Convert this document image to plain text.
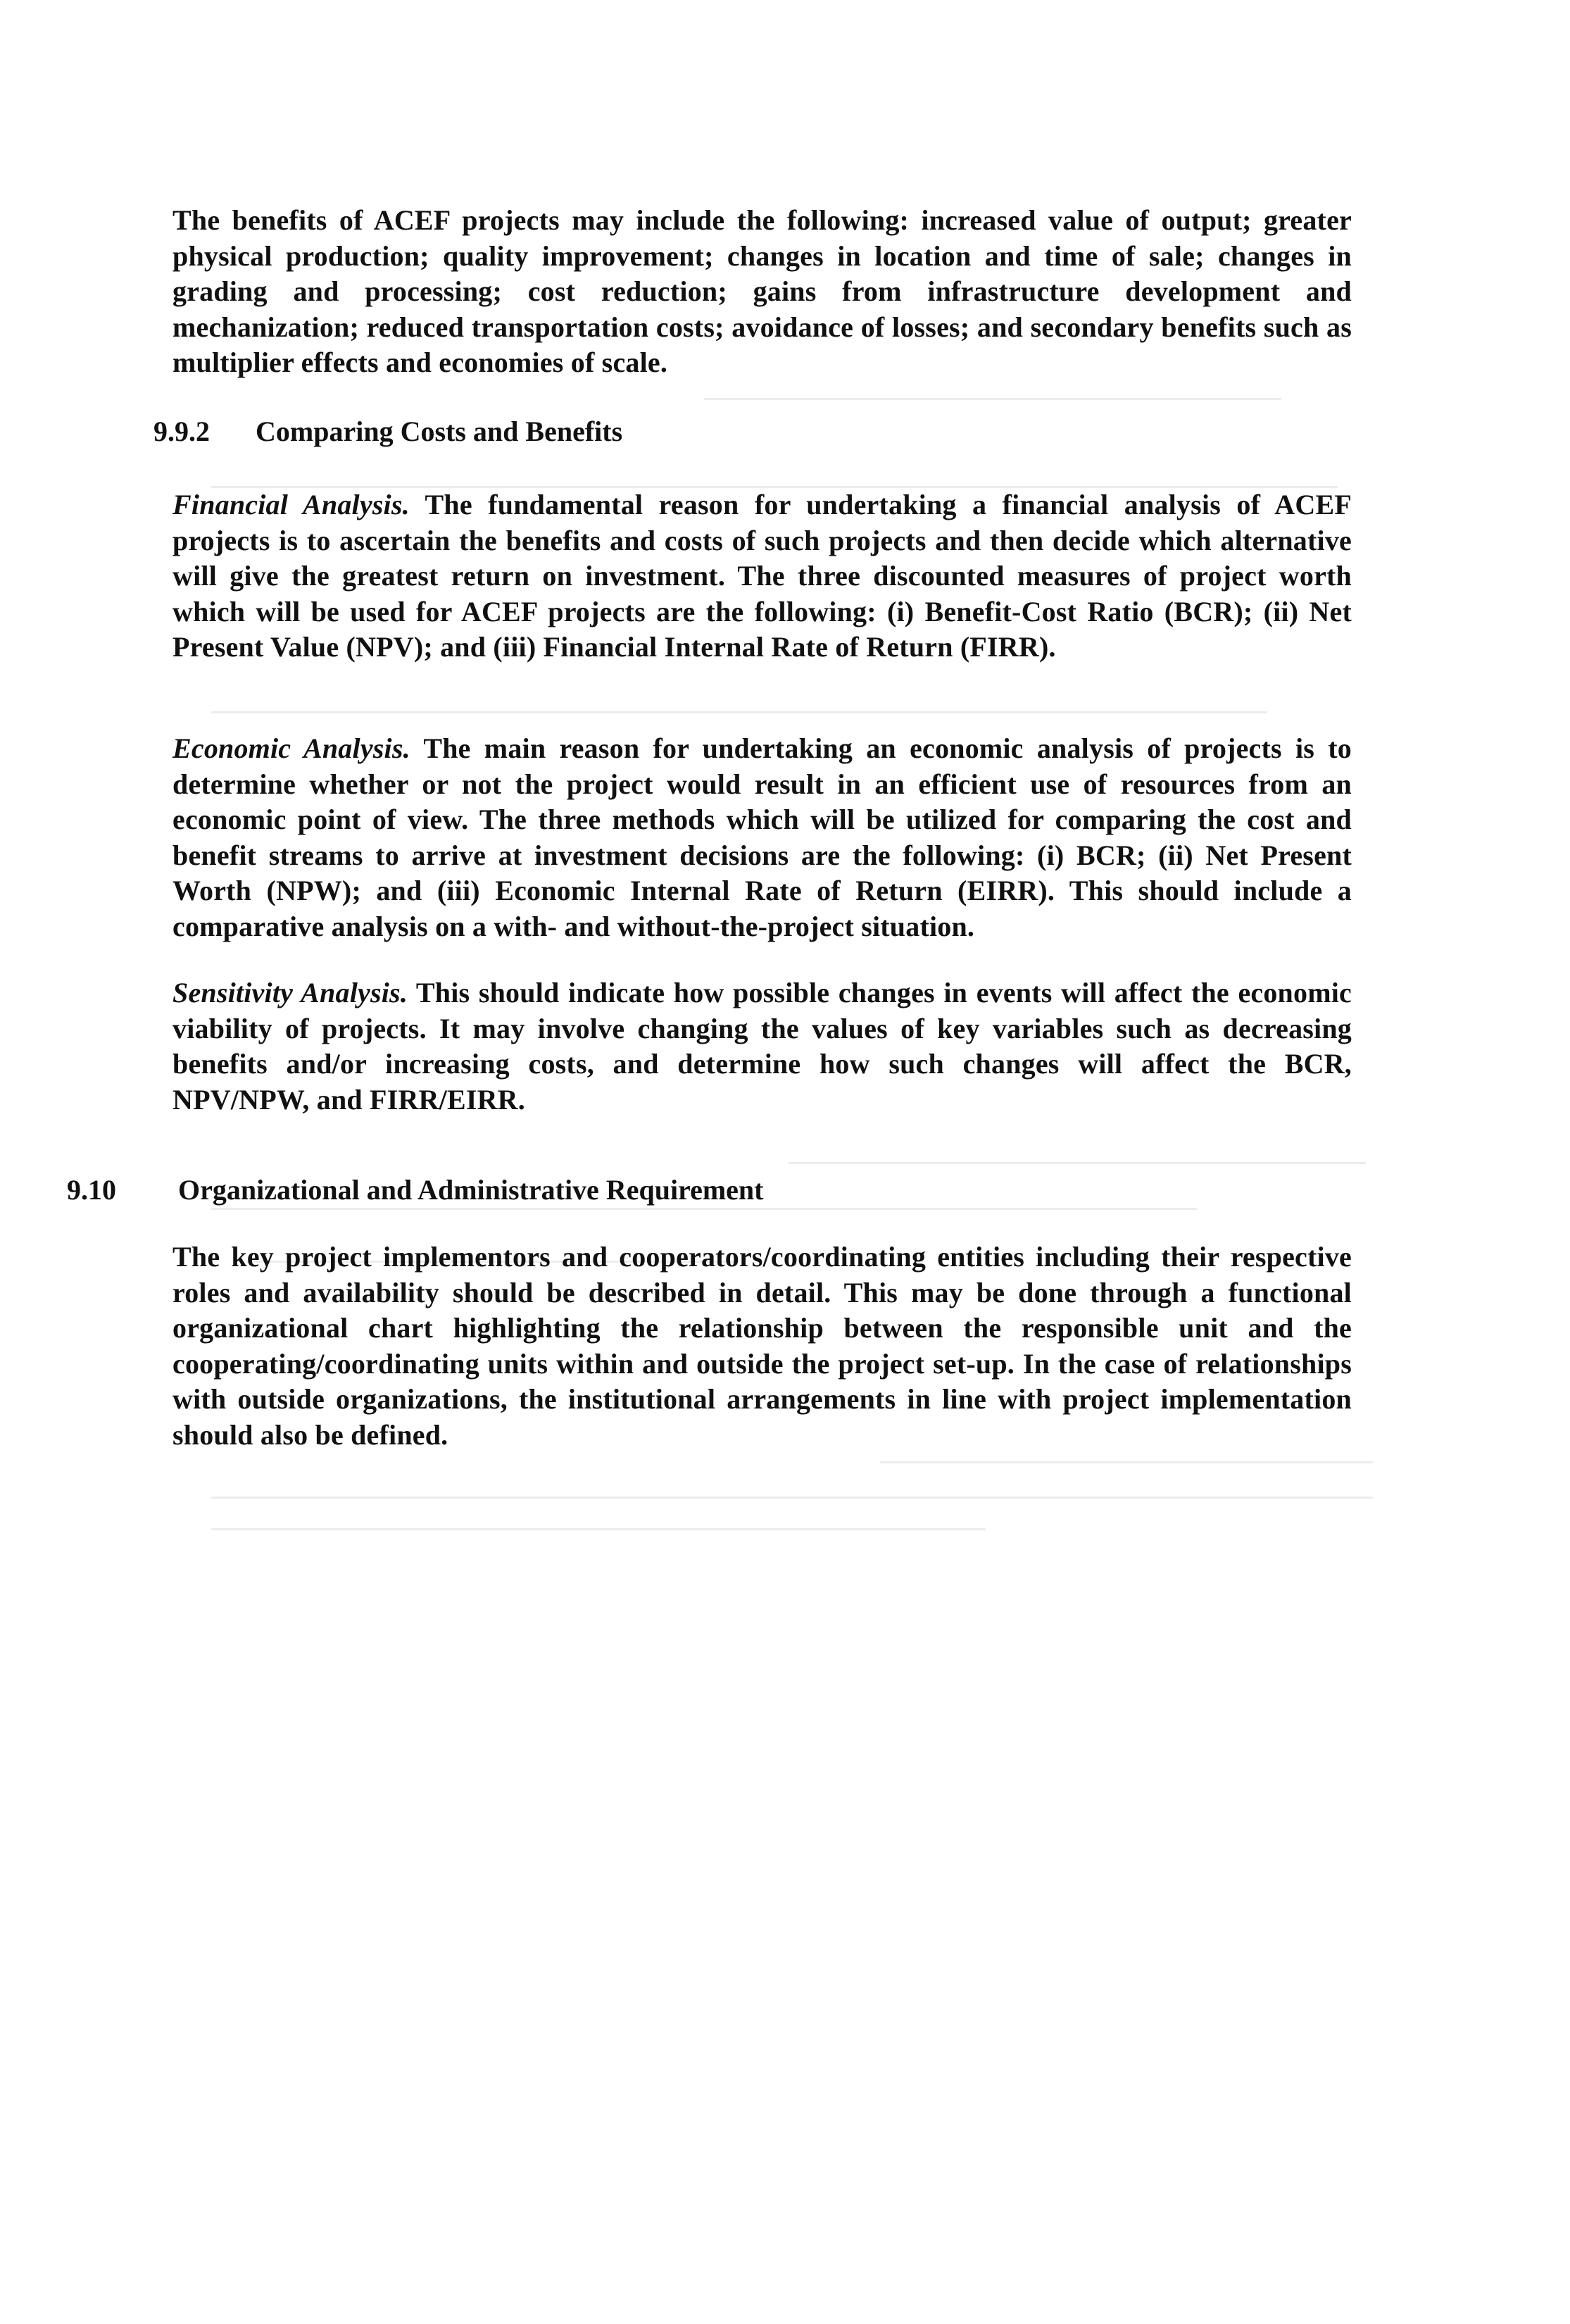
The benefits of ACEF projects may include the following: increased value of output; greater physical production; quality improvement; changes in location and time of sale; changes in grading and processing; cost reduction; gains from infrastructure development and mechanization; reduced transportation costs; avoidance of losses; and secondary benefits such as multiplier effects and economies of scale.

9.9.2 Comparing Costs and Benefits

Financial Analysis. The fundamental reason for undertaking a financial analysis of ACEF projects is to ascertain the benefits and costs of such projects and then decide which alternative will give the greatest return on investment. The three discounted measures of project worth which will be used for ACEF projects are the following: (i) Benefit-Cost Ratio (BCR); (ii) Net Present Value (NPV); and (iii) Financial Internal Rate of Return (FIRR).

Economic Analysis. The main reason for undertaking an economic analysis of projects is to determine whether or not the project would result in an efficient use of resources from an economic point of view. The three methods which will be utilized for comparing the cost and benefit streams to arrive at investment decisions are the following: (i) BCR; (ii) Net Present Worth (NPW); and (iii) Economic Internal Rate of Return (EIRR). This should include a comparative analysis on a with- and without-the-project situation.

Sensitivity Analysis. This should indicate how possible changes in events will affect the economic viability of projects. It may involve changing the values of key variables such as decreasing benefits and/or increasing costs, and determine how such changes will affect the BCR, NPV/NPW, and FIRR/EIRR.

9.10 Organizational and Administrative Requirement

The key project implementors and cooperators/coordinating entities including their respective roles and availability should be described in detail. This may be done through a functional organizational chart highlighting the relationship between the responsible unit and the cooperating/coordinating units within and outside the project set-up. In the case of relationships with outside organizations, the institutional arrangements in line with project implementation should also be defined.
